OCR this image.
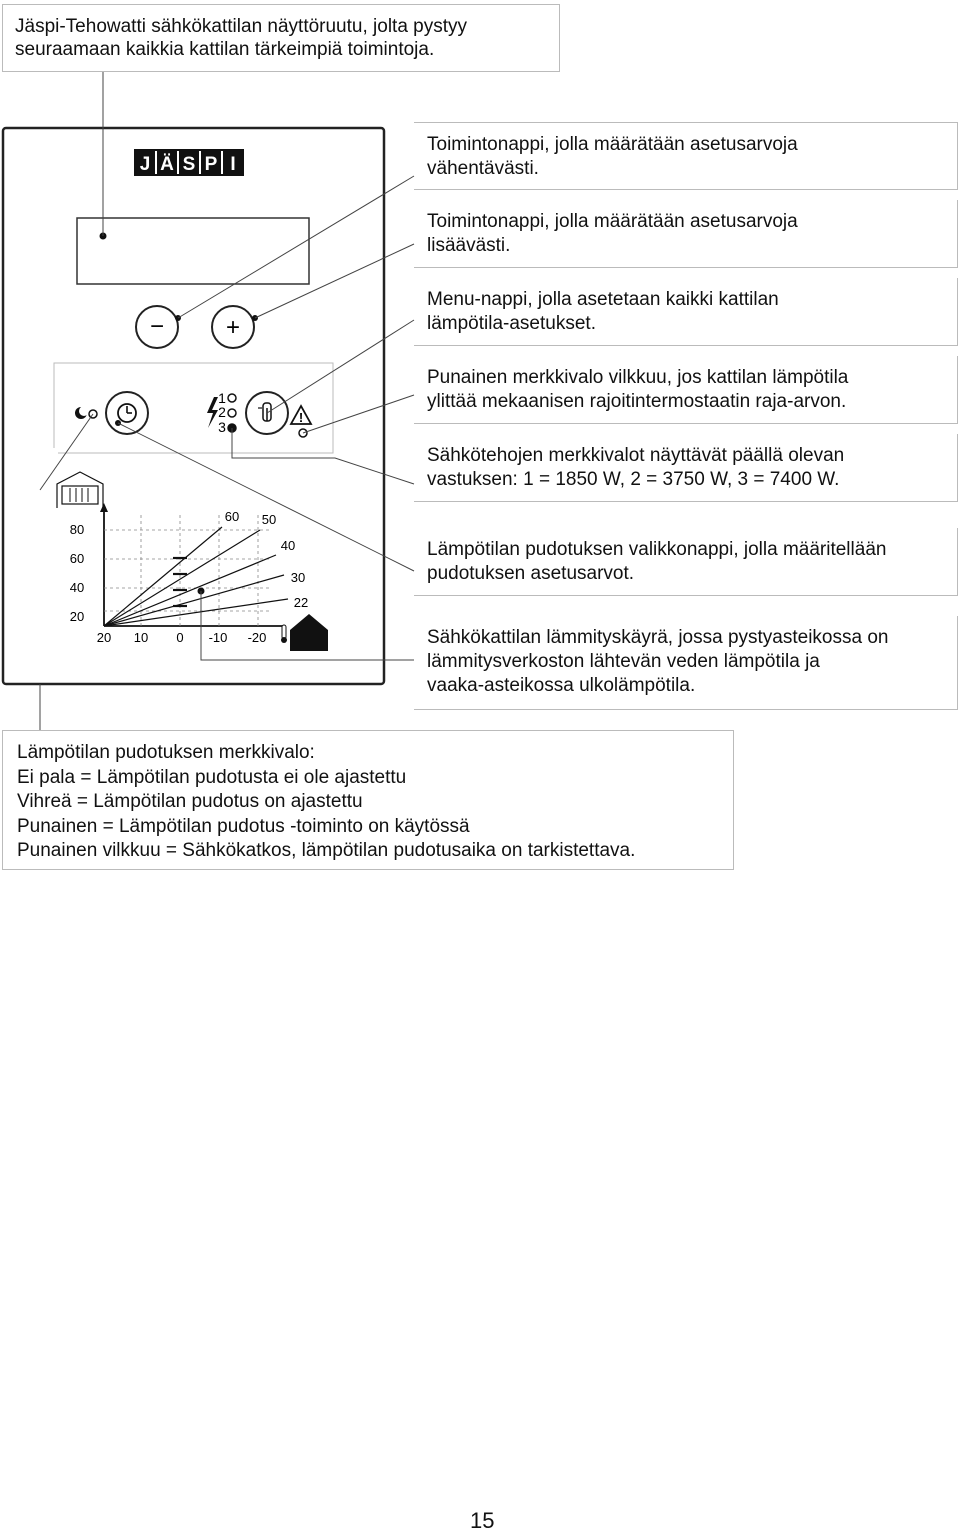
Jäspi-Tehowatti sähkökattilan näyttöruutu, jolta pystyy
seuraamaan kaikkia kattilan tärkeimpiä toimintoja.
J Ä S P I
−	+
1
2
3
!
80
60
40
20
20 10 0 -10 -20
60 50
40
30
22
Toimintonappi, jolla määrätään asetusarvoja
vähentävästi.
Toimintonappi, jolla määrätään asetusarvoja
lisäävästi.
Menu-nappi, jolla asetetaan kaikki kattilan
lämpötila-asetukset.
Punainen merkkivalo vilkkuu, jos kattilan lämpötila
ylittää mekaanisen rajoitintermostaatin raja-arvon.
Sähkötehojen merkkivalot näyttävät päällä olevan
vastuksen: 1 = 1850 W, 2 = 3750 W, 3 = 7400 W.
Lämpötilan pudotuksen valikkonappi, jolla määritellään
pudotuksen asetusarvot.
Sähkökattilan lämmityskäyrä, jossa pystyasteikossa on
lämmitysverkoston lähtevän veden lämpötila ja
vaaka-asteikossa ulkolämpötila.
Lämpötilan pudotuksen merkkivalo:
Ei pala = Lämpötilan pudotusta ei ole ajastettu
Vihreä = Lämpötilan pudotus on ajastettu
Punainen = Lämpötilan pudotus -toiminto on käytössä
Punainen vilkkuu = Sähkökatkos, lämpötilan pudotusaika on tarkistettava.
15
